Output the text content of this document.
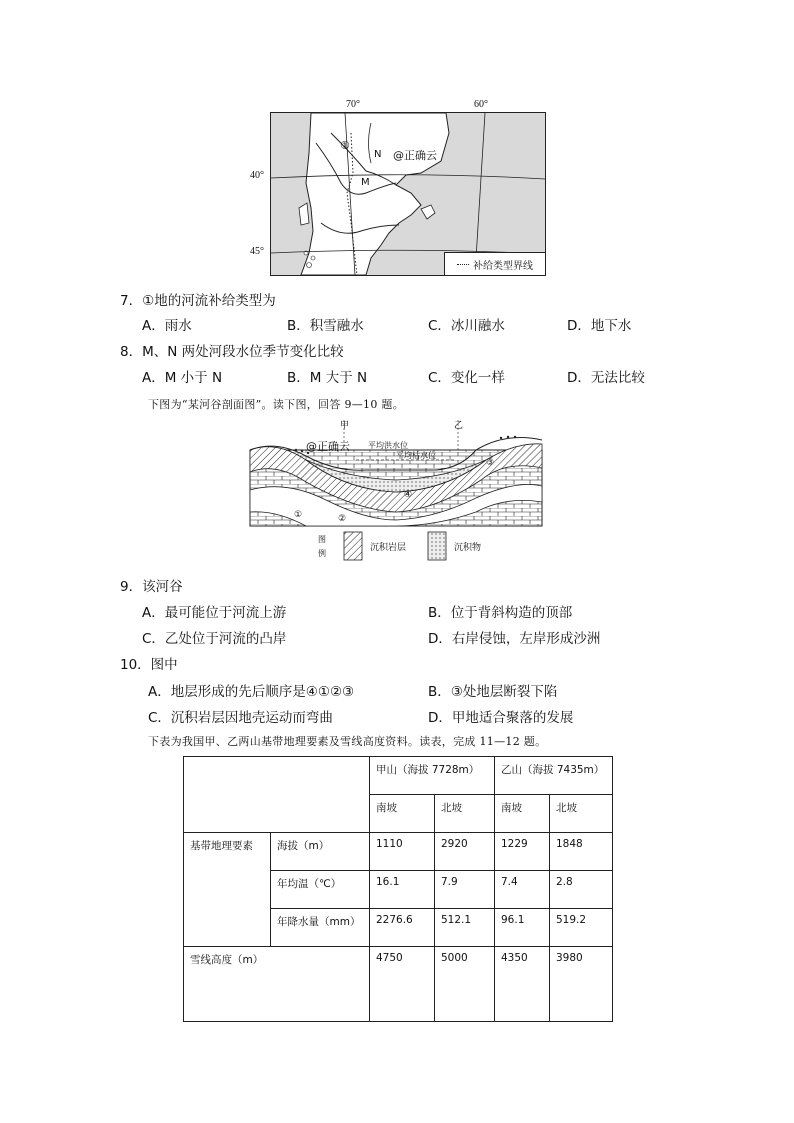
70°	60°
40°
45°
①
N
M
@正确云
补给类型界线
7．①地的河流补给类型为
A．雨水	B．积雪融水	C．冰川融水	D．地下水
8．M、N 两处河段水位季节变化比较
A．M 小于 N	B．M 大于 N	C．变化一样	D．无法比较
下图为“某河谷剖面图”。读下图，回答 9—10 题。
甲	乙
@正确云 平均洪水位
平均枯水位
①	②
③
④
图
例
沉积岩层	沉积物
9．该河谷
A．最可能位于河流上游	B．位于背斜构造的顶部
C．乙处位于河流的凸岸	D．右岸侵蚀，左岸形成沙洲
10．图中
A．地层形成的先后顺序是④①②③	B．③处地层断裂下陷
C．沉积岩层因地壳运动而弯曲	D．甲地适合聚落的发展
下表为我国甲、乙两山基带地理要素及雪线高度资料。读表，完成 11—12 题。
		甲山（海拔 7728m）		乙山（海拔 7435m）	
		南坡	北坡	南坡	北坡
基带地理要素	海拔（m）	1110	2920	1229	1848
	年均温（℃）	16.1	7.9	7.4	2.8
	年降水量（mm）	2276.6	512.1	96.1	519.2
雪线高度（m）		4750	5000	4350	3980
